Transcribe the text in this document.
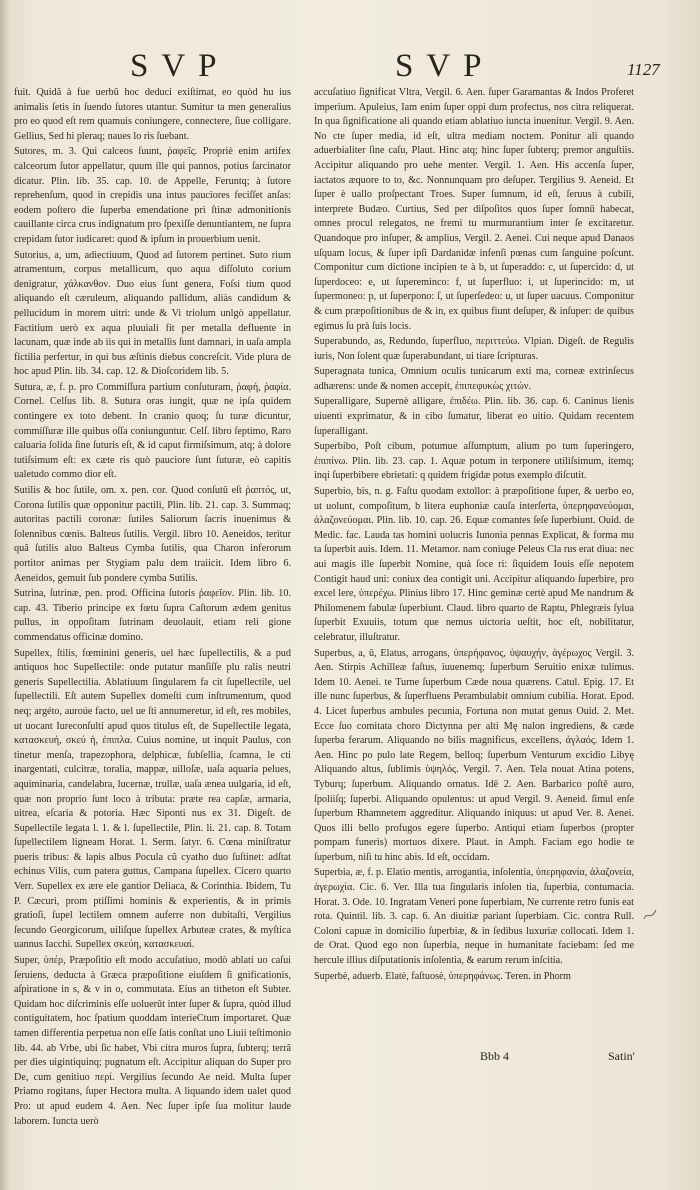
SVP	SVP	1127

fuit. Quidã à fue uerbû hoc deduci exiſtimat, eo quòd hu ius animalis ſetis in ſuendo ſutores utantur. Sumitur ta men generalius pro eo quod eſt rem quamuis coniungere, connectere, ſiue colligare. Gellius, Sed hi pleraq; naues lo rìs ſuebant.

Sutores, m. 3. Qui calceos ſuunt, ῥαφεῖς. Propriè enim artifex calceorum ſutor appellatur, quum ille qui pannos, potius ſarcinator dicatur. Plin. lib. 35. cap. 10. de Appelle, Feruntq; à ſutore reprehenſum, quod in crepidis una intus pauciores feciſſet anſas: eodem poſtero die ſuperba emendatione pri ſtinæ admonitionis cauillante circa crus indignatum pro ſpexiſſe denuntiantem, ne ſupra crepidam ſutor iudicaret: quod & ipſum in prouerbium uenit.

Sutorius, a, um, adiectiuum, Quod ad ſutorem pertinet. Suto rium atramentum, corpus metallicum, quo aqua diſſoluto corium denigratur, χάλκανθον. Duo eius ſunt genera, Foſsi tium quod aliquando eſt cæruleum, aliquando pallidum, aliàs candidum & pellucidum in morem uitri: unde & Vi triolum unlgò appellatur. Factitium uerò ex aqua pluuiali fit per metalla defluente in lacunam, quæ inde ab iis qui in metallis ſunt damnari, in uaſa ampla fictilia perfertur, in qui bus æſtinis diebus concreſcit. Vide plura de hoc apud Plin. lib. 34. cap. 12. & Dioſcoridem lib. 5.

Sutura, æ, f. p. pro Commiſſura partium conſuturam, ῥαφή, ῥαφία. Cornel. Celſus lib. 8. Sutura oras iungit, quæ ne ipſa quidem contingere ex toto debent. In cranio quoq; ſu turæ dicuntur, commiſſuræ ille quibus oſſa coniunguntur. Celſ. libro ſeptimo, Raro caluaria ſolida ſine ſuturis eſt, & id caput firmiſsimum, atq; à dolore tutiſsimum eſt: ex cæte ris quò pauciore ſunt ſuturæ, eò capitis ualetudo commo dior eſt.

Sutilis & hoc ſutile, om. x. pen. cor. Quod conſutû eſt ῥαπτός, ut, Corona ſutilis quæ opponitur pactili, Plin. lib. 21. cap. 3. Summaq; autoritas pactili coronæ: ſutiles Saliorum ſacris inuenimus & ſolennibus cœnis. Balteus ſutilis. Vergil. libro 10. Aeneidos, teritur quâ ſutilis aluo Balteus Cymba ſutilis, qua Charon inferorum portitor animas per Stygiam palu dem traiicit. Idem libro 6. Aeneidos, gemuit ſub pondere cymba Sutilis.

Sutrina, ſutrinæ, pen. prod. Officina ſutoris ῥαφεῖον. Plin. lib. 10. cap. 43. Tiberio principe ex fœtu ſupra Caſtorum ædem genitus pullus, in oppoſitam ſutrinam deuolauit, etiam reli gione commendatus officinæ domino.

Supellex, ſtilis, fœminini generis, uel hæc ſupellectilis, & a pud antiquos hoc Supellectile: onde putatur manſiſſe plu ralis neutri generis Supellectilia. Ablatiuum ſingularem fa cit ſupellectile, uel ſupellectili. Eſt autem Supellex domeſti cum inſtrumentum, quod neq; argéto, auroúe facto, uel ue ſti annumeretur, id eſt, res mobiles, ut uocant Iureconſulti apud quos titulus eſt, de Supellectile legata, κατασκευή, σκεύ ἡ, ἐπιπλα. Cuius nomine, ut inquit Paulus, con tinetur menſa, trapezophora, delphicæ, ſubſellia, ſcamna, le cti inargentati, culcitræ, toralia, mappæ, uilloſæ, uaſa aquaria pelues, aquiminaria, candelabra, lucernæ, trullæ, uaſa ænea uulgaria, id eſt, quæ non proprio ſunt loco à tributa: præte rea capſæ, armaria, uitrea, eſcaria & potoria. Hæc Siponti nus ex 31. Digeſt. de Supellectile legata l. 1. & l. ſupellectile, Plin. li. 21. cap. 8. Totam ſupellectilem ligneam Horat. 1. Serm. ſatyr. 6. Cœna miniſtratur pueris tribus: & lapis albus Pocula cũ cyatho duo ſuſtinet: adſtat echinus Vilis, cum patera guttus, Campana ſupellex. Cicero quarto Verr. Supellex ex ære ele gantior Deliaca, & Corinthia. Ibidem, Tu P. Cæcuri, prom ptiſſimi hominis & experientis, & in primis gratioſi, ſupel lectilem omnem auferre non dubitaſti, Vergilius ſecundo Georgicorum, uiliſque ſupellex Arbuteæ crates, & myſtica uannus Iacchi. Supellex σκεύη, κατασκευαί.

Super, ὑπέρ, Præpoſitio eſt modo accuſatiuo, modò ablati uo caſui ſeruiens, deducta à Græca præpoſitione eiuſdem ſi gnificationis, aſpiratione in s, & v in o, commutata. Eius an titheton eſt Subter. Quidam hoc diſcriminis eſſe uoluerût inter ſuper & ſupra, quòd illud contiguitatem, hoc ſpatium quoddam interieCtum importaret. Quæ tamen differentia perpetua non eſſe ſatis conſtat uno Liuii teſtimonio lib. 44. ab Vrbe, ubi ſic habet, Vbi citra muros ſupra, ſubterq; terrã per dies uigintiquinq; pugnatum eſt. Accipitur aliquan do Super pro De, cum genitiuo περί. Vergilius ſecundo Ae neid. Multa ſuper Priamo rogitans, ſuper Hectora multa. A liquando idem ualet quod Pro: ut apud eudem 4. Aen. Nec ſuper ipſe ſua molitur laude laborem. Iuncta uerò

accuſatiuo ſignificat Vltra, Vergil. 6. Aen. ſuper Garamantas & Indos Proferet imperium. Apuleius, Iam enim ſuper oppi dum profectus, nos citra reliquerat. In qua ſignificatione ali quando etiam ablatiuo iuncta inuenitur. Vergil. 9. Aen. No cte ſuper media, id eſt, ultra mediam noctem. Ponitur ali quando aduerbialiter ſine caſu, Plaut. Hinc atq; hinc ſuper ſubterq; premor anguſtiis. Accipitur aliquando pro uehe menter. Vergil. 1. Aen. His accenſa ſuper, iactatos æquore to to, &c. Nonnunquam pro deſuper. Tergilius 9. Aeneid. Et ſuper è uallo proſpectant Troes. Super ſumnum, id eſt, ſeruus à cubili, interprete Budæo. Curtius, Sed per diſpoſitos quos ſuper ſomnū habecat, omnes procul relegatos, ne fremi tu murmurantium inter ſe excitaretur. Quandoque pro inſuper, & amplius, Vergil. 2. Aenei. Cui neque apud Danaos uſquam locus, & ſuper ipſi Dardanidæ infenſi pœnas cum ſanguine poſcunt. Componitur cum dictione incipien te à b, ut ſuperaddo: c, ut ſupercido: d, ut ſuperdoceo: e, ut ſupereminco: f, ut ſuperfluo: i, ut ſuperincido: m, ut ſupermoneo: p, ut ſuperpono: ſ, ut ſuperſedeo: u, ut ſuper uacuus. Componitur & cum præpoſitionibus de & in, ex quibus fiunt deſuper, & inſuper: de quibus egimus ſu prà ſuis locis.

Superabundo, as, Redundo, ſuperfluo, περιττεύω. Vlpian. Digeſt. de Regulis iuris, Non ſolent quæ ſuperabundant, ui tiare ſcripturas.

Superagnata tunica, Omnium oculis tunicarum exti ma, corneæ extrinſecus adhærens: unde & nomen accepit, ἐπιπεφυκὼς χιτών.

Superalligare, Supernè alligare, ἐπιδέω. Plin. lib. 36. cap. 6. Caninus lienis uiuenti exprimatur, & in cibo ſumatur, liberat eo uitio. Quidam recentem ſuperalligant.

Superbibo, Poſt cibum, potumue aſſumptum, alium po tum ſuperingero, ἐπιπίνω. Plin. lib. 23. cap. 1. Aquæ potum in terponere utiliſsimum, itemq; inqi ſuperbibere ebrietati: q quidem frigidæ potus exemplo diſcutit.

Superbio, bis, n. g. Faſtu quodam extollor: à præpoſitione ſuper, & uerbo eo, ut uolunt, compoſitum, b litera euphoniæ cauſa interſerta, ὑπερηφανεύομαι, ἀλαζονεύομαι. Plin. lib. 10. cap. 26. Equæ comantes ſeſe ſuperbiunt. Ouid. de Medic. fac. Lauda tas homini uolucris Iunonia pennas Explicat, & forma mu ta ſuperbit auis. Idem. 11. Metamor. nam coniuge Peleus Cla rus erat diua: nec aui magis ille ſuperbit Nomine, quà ſoce ri: ſiquidem Iouis eſſe nepotem Contigit haud uni: coniux dea contigit uni. Accipitur aliquando ſuperbire, pro excel lere, ὑπερέχω. Plinius libro 17. Hinc geminæ certè apud Me nandrum & Philomenem fabulæ ſuperbiunt. Claud. libro quarto de Raptu, Phlegræis ſylua ſuperbit Exuuiis, totum que nemus uictoria ueſtit, hoc eſt, nobilitatur, celebratur, illuſtratur.

Superbus, a, ū, Elatus, arrogans, ὑπερήφανος, ὑψαυχήν, ἀγέρωχος Vergil. 3. Aen. Stirpis Achilleæ faſtus, iuuenemq; ſuperbum Seruitio enixæ tulimus. Idem 10. Aenei. te Turne ſuperbum Cæde noua quærens. Catul. Epig. 17. Et ille nunc ſuperbus, & ſuperfluens Perambulabit omnium cubilia. Horat. Epod. 4. Licet ſuperbus ambules pecunia, Fortuna non mutat genus Ouid. 2. Met. Ecce ſuo comitata choro Dictynna per alti Mę nalon ingrediens, & cæde ſuperba ferarum. Aliquando no bilis magnificus, excellens, ἀγλαός. Idem 1. Aen. Hinc po pulo late Regem, belloq; ſuperbum Venturum excidio Libyę Aliquando altus, ſublimis ὑψηλός. Vergil. 7. Aen. Tela nouat Atina potens, Tyburq; ſuperbum. Aliquando ornatus. Idē 2. Aen. Barbarico poſtē auro, ſpoliiſq; ſuperbi. Aliquando opulentus: ut apud Vergil. 9. Aeneid. ſimul enſe ſuperbum Rhamnetem aggreditur. Aliquando iniquus: ut apud Ver. 8. Aenei. Quos illi bello profugos egere ſuperbo. Antiqui etiam ſuperbos (propter pompam funeris) mortuos dixere. Plaut. in Amph. Faciam ego hodie te ſuperbum, niſi tu hinc abis. Id eſt, occidam.

Superbia, æ, f. p. Elatio mentis, arrogantia, inſolentia, ὑπερηφανία, ἀλαζονεία, ἀγερωχία. Cic. 6. Ver. Illa tua ſingularis inſolen tia, ſuperbia, contumacia. Horat. 3. Ode. 10. Ingratam Veneri pone ſuperbiam, Ne currente retro funis eat rota. Quintil. lib. 3. cap. 6. An diuitiæ pariant ſuperbiam. Cic. contra Rull. Coloni capuæ in domicilio ſuperbiæ, & in ſedibus luxuriæ collocati. Idem 1. de Orat. Quod ego non ſuperbia, neque in humanitate faciebam: ſed me hercule illius diſputationis inſolentia, & earum rerum inſcitia.

Superbè, aduerb. Elatè, faſtuosè, ὑπερηφάνως. Teren. in Phorm

Bbb 4	Satin'
